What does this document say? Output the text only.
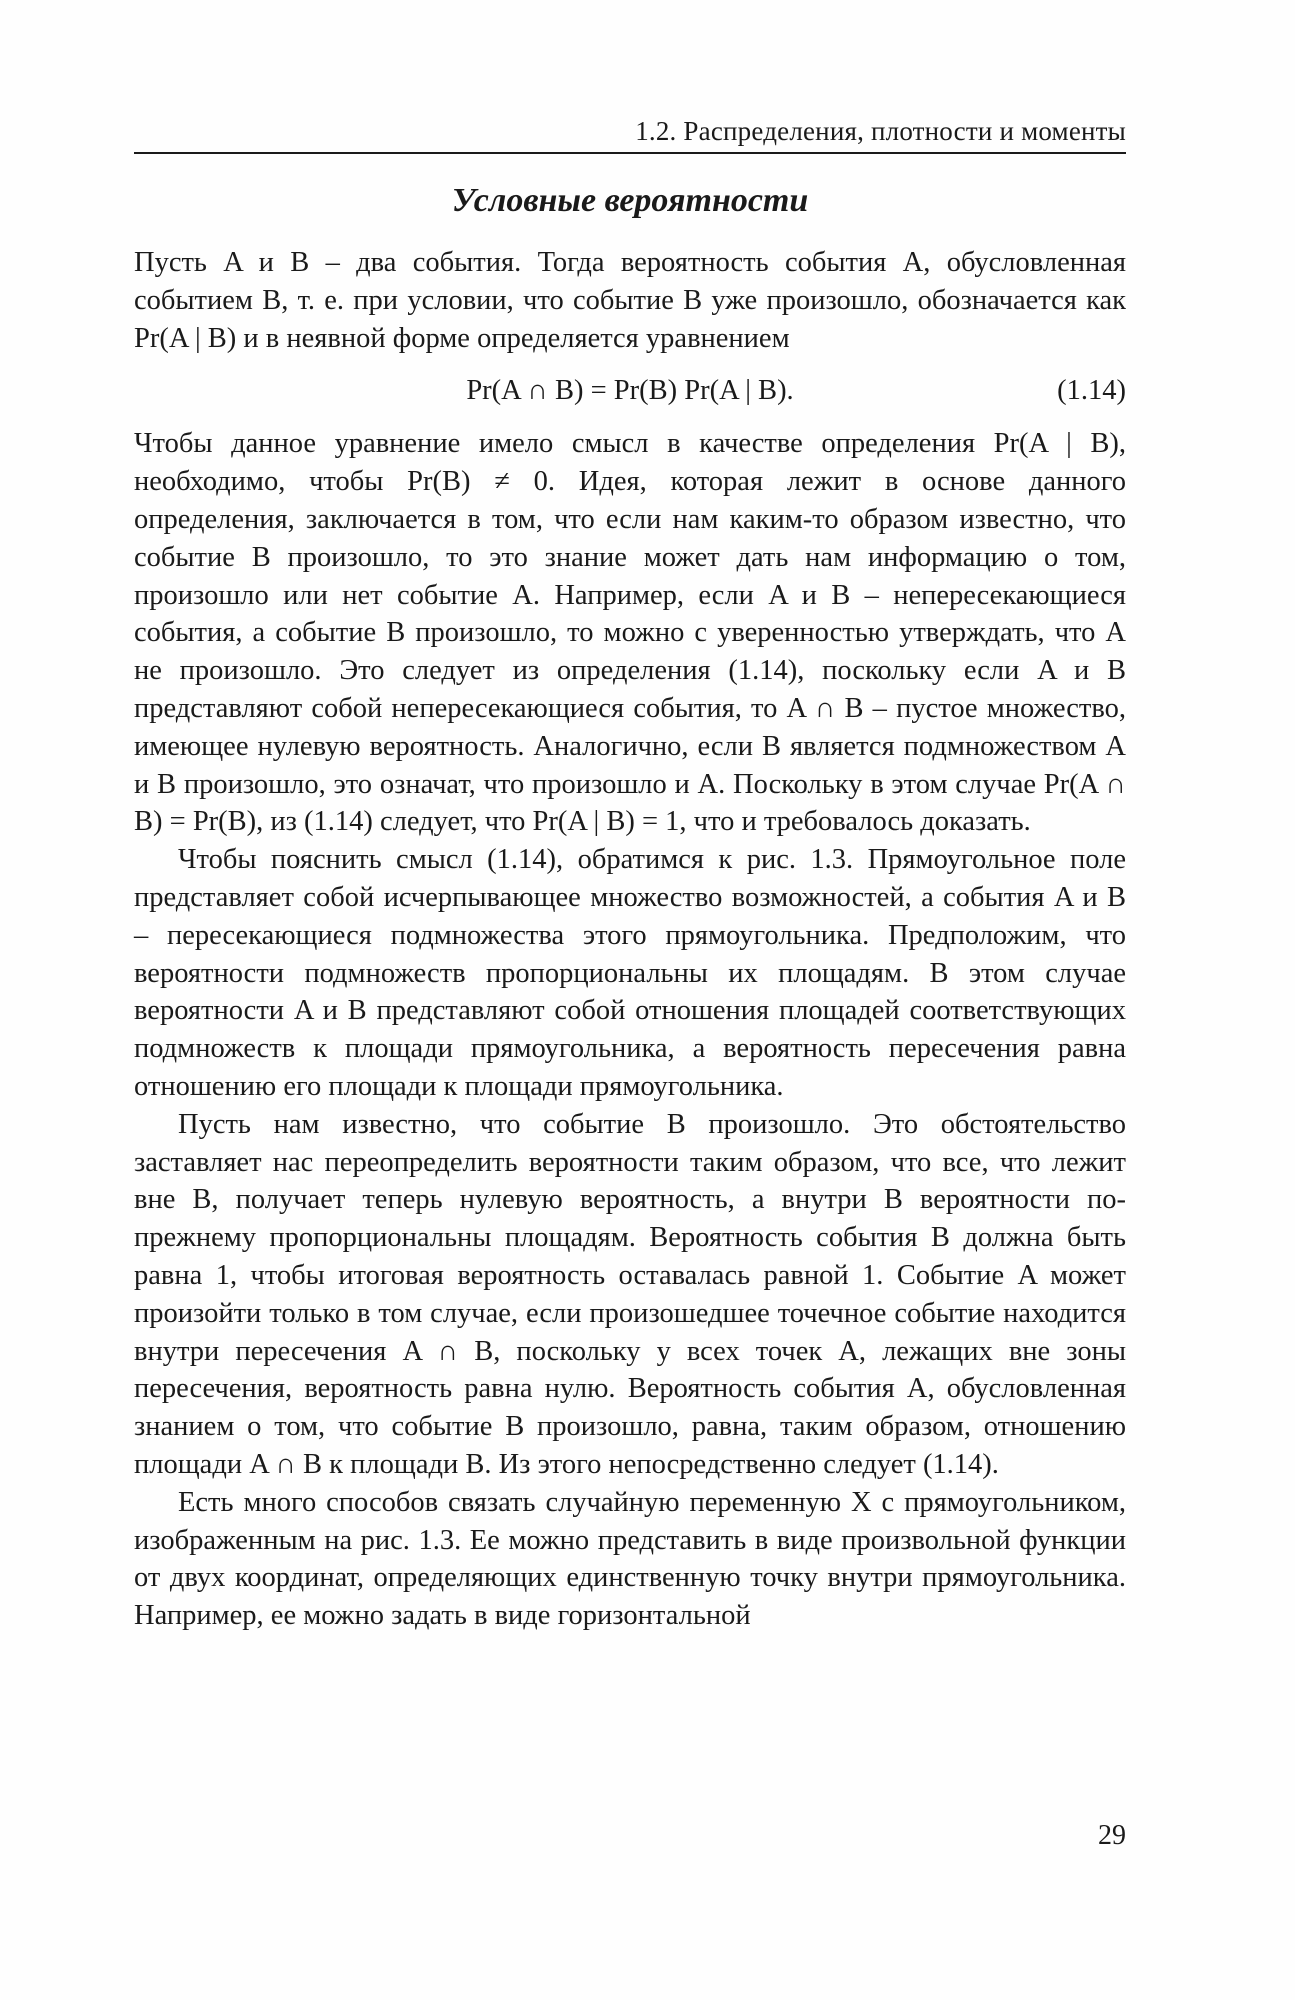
1.2. Распределения, плотности и моменты
Условные вероятности

Пусть A и B – два события. Тогда вероятность события A, обусловленная событием B, т. е. при условии, что событие B уже произошло, обозначается как Pr(A | B) и в неявной форме определяется уравнением

Pr(A ∩ B) = Pr(B) Pr(A | B).	(1.14)

Чтобы данное уравнение имело смысл в качестве определения Pr(A | B), необходимо, чтобы Pr(B) ≠ 0. Идея, которая лежит в основе данного определения, заключается в том, что если нам каким-то образом известно, что событие B произошло, то это знание может дать нам информацию о том, произошло или нет событие A. Например, если A и B – непересекающиеся события, а событие B произошло, то можно с уверенностью утверждать, что A не произошло. Это следует из определения (1.14), поскольку если A и B представляют собой непересекающиеся события, то A ∩ B – пустое множество, имеющее нулевую вероятность. Аналогично, если B является подмножеством A и B произошло, это означат, что произошло и A. Поскольку в этом случае Pr(A ∩ B) = Pr(B), из (1.14) следует, что Pr(A | B) = 1, что и требовалось доказать.

Чтобы пояснить смысл (1.14), обратимся к рис. 1.3. Прямоугольное поле представляет собой исчерпывающее множество возможностей, а события A и B – пересекающиеся подмножества этого прямоугольника. Предположим, что вероятности подмножеств пропорциональны их площадям. В этом случае вероятности A и B представляют собой отношения площадей соответствующих подмножеств к площади прямоугольника, а вероятность пересечения равна отношению его площади к площади прямоугольника.

Пусть нам известно, что событие B произошло. Это обстоятельство заставляет нас переопределить вероятности таким образом, что все, что лежит вне B, получает теперь нулевую вероятность, а внутри B вероятности по-прежнему пропорциональны площадям. Вероятность события B должна быть равна 1, чтобы итоговая вероятность оставалась равной 1. Событие A может произойти только в том случае, если произошедшее точечное событие находится внутри пересечения A ∩ B, поскольку у всех точек A, лежащих вне зоны пересечения, вероятность равна нулю. Вероятность события A, обусловленная знанием о том, что событие B произошло, равна, таким образом, отношению площади A ∩ B к площади B. Из этого непосредственно следует (1.14).

Есть много способов связать случайную переменную X с прямоугольником, изображенным на рис. 1.3. Ее можно представить в виде произвольной функции от двух координат, определяющих единственную точку внутри прямоугольника. Например, ее можно задать в виде горизонтальной

29
